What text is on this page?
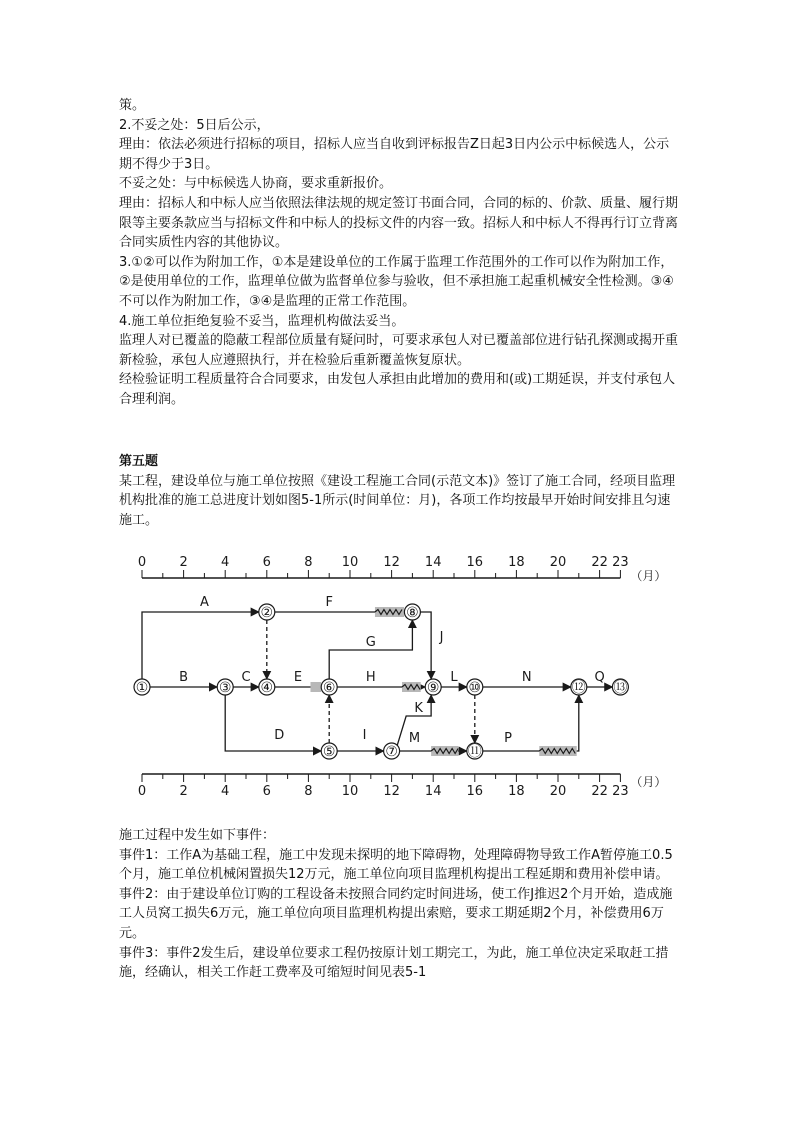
策。

2.不妥之处：5日后公示，

理由：依法必须进行招标的项目，招标人应当自收到评标报告Z日起3日内公示中标候选人，公示期不得少于3日。

不妥之处：与中标候选人协商，要求重新报价。

理由：招标人和中标人应当依照法律法规的规定签订书面合同，合同的标的、价款、质量、履行期限等主要条款应当与招标文件和中标人的投标文件的内容一致。招标人和中标人不得再行订立背离合同实质性内容的其他协议。

3.①②可以作为附加工作，①本是建设单位的工作属于监理工作范围外的工作可以作为附加工作，②是使用单位的工作，监理单位做为监督单位参与验收，但不承担施工起重机械安全性检测。③④不可以作为附加工作，③④是监理的正常工作范围。

4.施工单位拒绝复验不妥当，监理机构做法妥当。

监理人对已覆盖的隐蔽工程部位质量有疑问时，可要求承包人对已覆盖部位进行钻孔探测或揭开重新检验，承包人应遵照执行，并在检验后重新覆盖恢复原状。

经检验证明工程质量符合合同要求，由发包人承担由此增加的费用和(或)工期延误，并支付承包人合理利润。

第五题

某工程，建设单位与施工单位按照《建设工程施工合同(示范文本)》签订了施工合同，经项目监理机构批准的施工总进度计划如图5-1所示(时间单位：月)，各项工作均按最早开始时间安排且匀速施工。

0	2	4	6	8 10 12 14 16 18 20 22 23
（月）
0	2	4	6	8 10 12 14 16 18 20 22 23
（月）
A	F
B	C	E
G
H
J
L	N	Q
D	I
K
M	P
①
②
③ ④
⑤
⑥
⑦
⑧
⑨ ⑩
⑪
⑫ ⑬

施工过程中发生如下事件：

事件1：工作A为基础工程，施工中发现未探明的地下障碍物，处理障碍物导致工作A暂停施工0.5个月，施工单位机械闲置损失12万元，施工单位向项目监理机构提出工程延期和费用补偿申请。

事件2：由于建设单位订购的工程设备未按照合同约定时间进场，使工作J推迟2个月开始，造成施工人员窝工损失6万元，施工单位向项目监理机构提出索赔，要求工期延期2个月，补偿费用6万元。

事件3：事件2发生后，建设单位要求工程仍按原计划工期完工，为此，施工单位决定采取赶工措施，经确认，相关工作赶工费率及可缩短时间见表5-1
